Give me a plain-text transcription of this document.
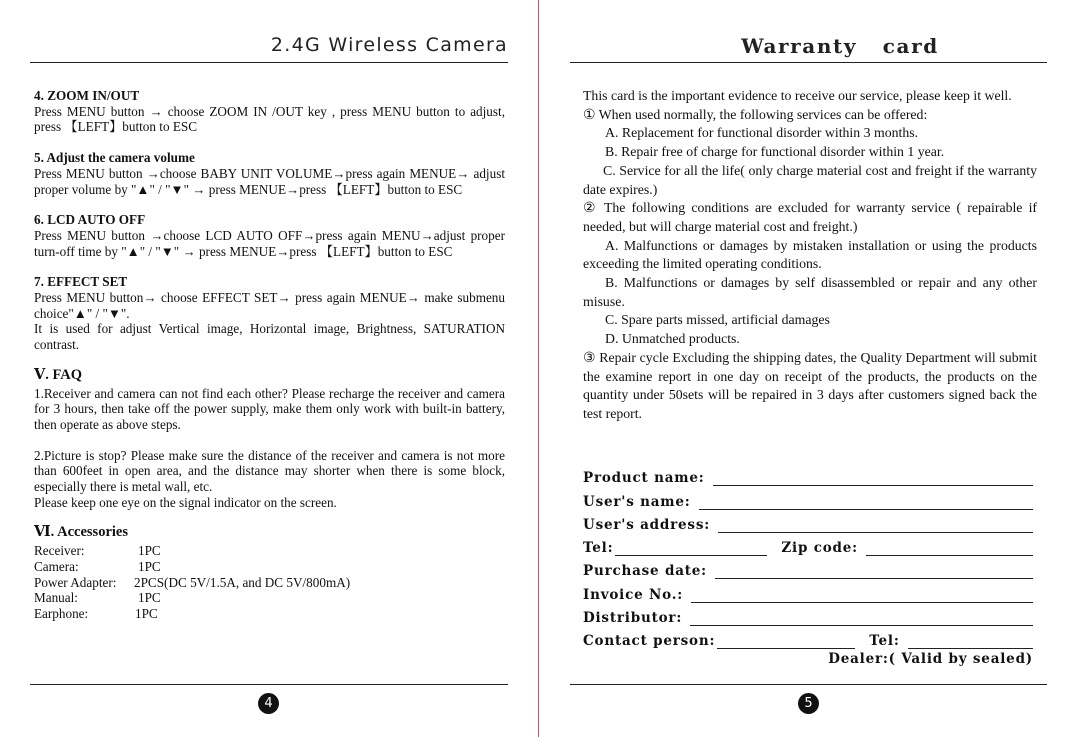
2.4G Wireless Camera
4. ZOOM IN/OUT

Press MENU button → choose ZOOM IN /OUT key , press MENU button to adjust, press 【LEFT】button to ESC

5. Adjust the camera volume

Press MENU button →choose BABY UNIT VOLUME→press again MENUE→ adjust proper volume by "▲" / "▼" → press MENUE→press 【LEFT】button to ESC

6. LCD AUTO OFF

Press MENU button →choose LCD AUTO OFF→press again MENU→adjust proper turn-off time by "▲" / "▼" → press MENUE→press 【LEFT】button to ESC

7. EFFECT SET

Press MENU button→ choose EFFECT SET→ press again MENUE→ make submenu choice"▲" / "▼".

It is used for adjust Vertical image, Horizontal image, Brightness, SATURATION contrast.

Ⅴ. FAQ

1.Receiver and camera can not find each other? Please recharge the receiver and camera for 3 hours, then take off the power supply, make them only work with built-in battery, then operate as above steps.

2.Picture is stop? Please make sure the distance of the receiver and camera is not more than 600feet in open area, and the distance may shorter when there is some block, especially there is metal wall, etc.

Please keep one eye on the signal indicator on the screen.

Ⅵ. Accessories
Receiver:	1PC
Camera:	1PC
Power Adapter:	2PCS(DC 5V/1.5A, and DC 5V/800mA)
Manual:	1PC
Earphone:	1PC
4
Warranty   card

This card is the important evidence to receive our service, please keep it well.

① When used normally, the following services can be offered:

A. Replacement for functional disorder within 3 months.

B. Repair free of charge for functional disorder within 1 year.

C. Service for all the life( only charge material cost and freight if the warranty date expires.)

② The following conditions are excluded for warranty service ( repairable if needed, but will charge material cost and freight.)

A. Malfunctions or damages by mistaken installation or using the products exceeding the limited operating conditions.

B. Malfunctions or damages by self disassembled or repair and any other misuse.

C. Spare parts missed, artificial damages

D. Unmatched products.

③ Repair cycle Excluding the shipping dates, the Quality Department will submit the examine report in one day on receipt of the products, the products on the quantity under 50sets will be repaired in 3 days after customers signed back the test report.

Product name:
User's name:
User's address:
Tel:	Zip code:
Purchase date:
Invoice No.:
Distributor:
Contact person:	Tel:
Dealer:( Valid by sealed)
5
